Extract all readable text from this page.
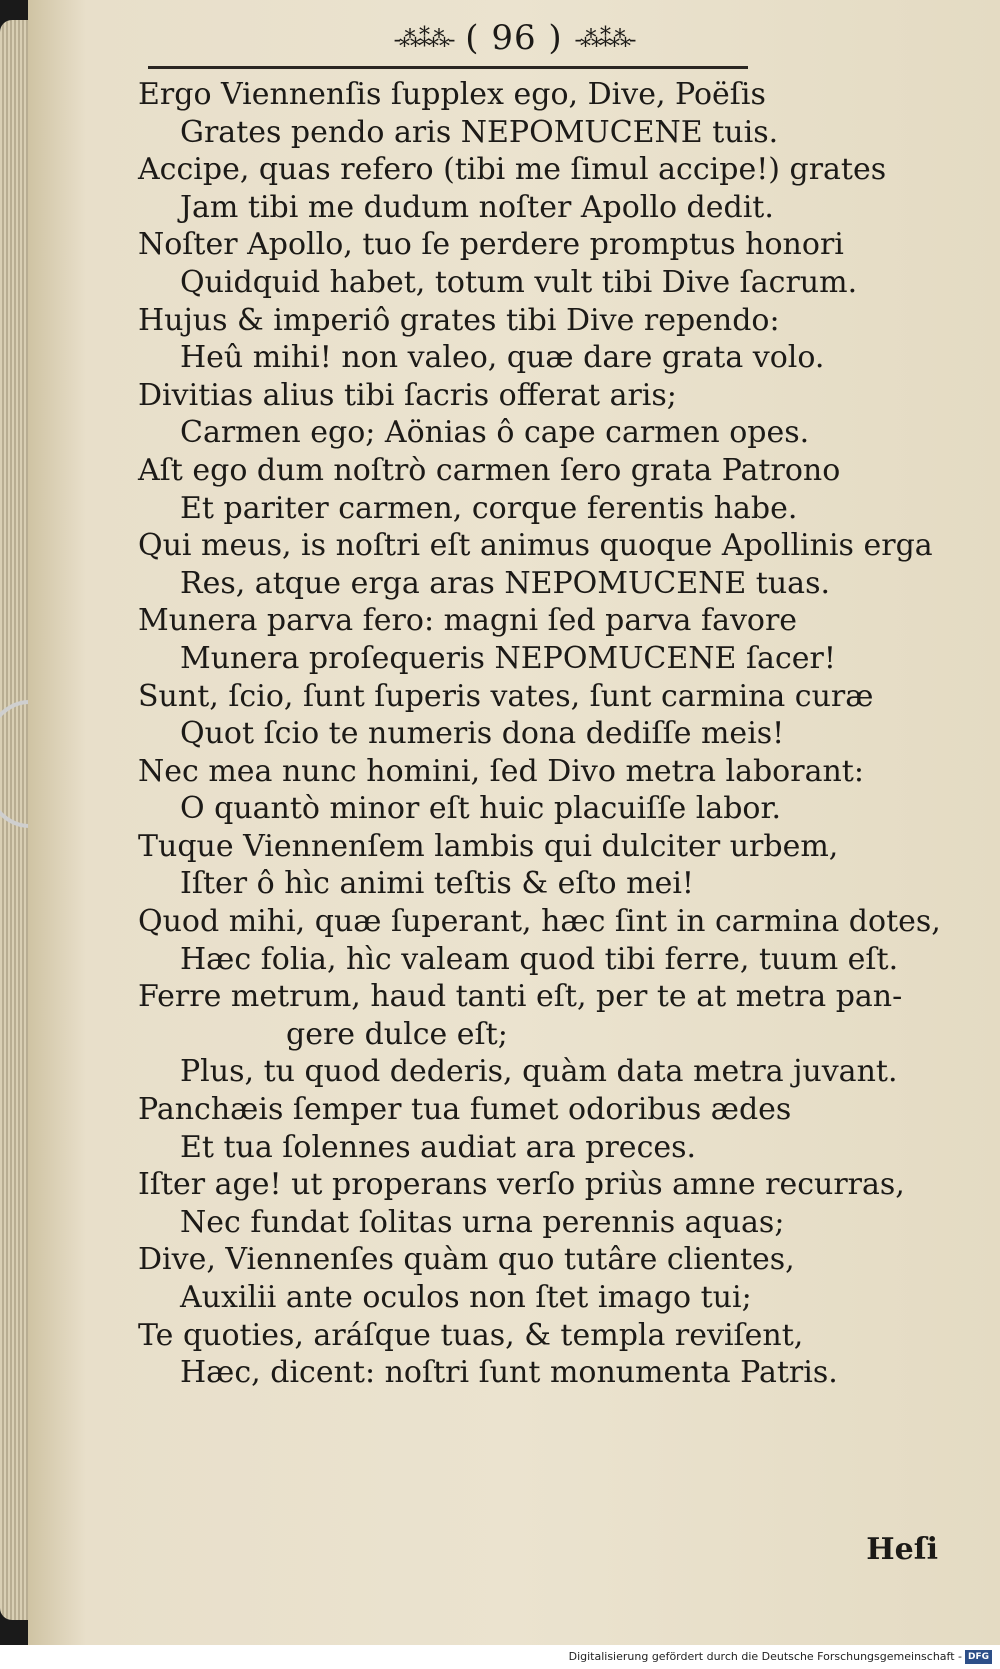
-⁂⁑⁂- ( 96 ) -⁂⁑⁂-
Ergo Viennenſis ſupplex ego, Dive, Poëſis
Grates pendo aris NEPOMUCENE tuis.
Accipe, quas refero (tibi me ſimul accipe!) grates
Jam tibi me dudum noſter Apollo dedit.
Noſter Apollo, tuo ſe perdere promptus honori
Quidquid habet, totum vult tibi Dive ſacrum.
Hujus & imperiô grates tibi Dive rependo:
Heû mihi! non valeo, quæ dare grata volo.
Divitias alius tibi ſacris offerat aris;
Carmen ego; Aönias ô cape carmen opes.
Aſt ego dum noſtrò carmen ſero grata Patrono
Et pariter carmen, corque ferentis habe.
Qui meus, is noſtri eſt animus quoque Apollinis erga
Res, atque erga aras NEPOMUCENE tuas.
Munera parva fero: magni ſed parva favore
Munera proſequeris NEPOMUCENE ſacer!
Sunt, ſcio, ſunt ſuperis vates, ſunt carmina curæ
Quot ſcio te numeris dona dediſſe meis!
Nec mea nunc homini, ſed Divo metra laborant:
O quantò minor eſt huic placuiſſe labor.
Tuque Viennenſem lambis qui dulciter urbem,
Iſter ô hìc animi teſtis & eſto mei!
Quod mihi, quæ ſuperant, hæc ſint in carmina dotes,
Hæc folia, hìc valeam quod tibi ferre, tuum eſt.
Ferre metrum, haud tanti eſt, per te at metra pan-
gere dulce eſt;
Plus, tu quod dederis, quàm data metra juvant.
Panchæis ſemper tua fumet odoribus ædes
Et tua ſolennes audiat ara preces.
Iſter age! ut properans verſo priùs amne recurras,
Nec fundat ſolitas urna perennis aquas;
Dive, Viennenſes quàm quo tutâre clientes,
Auxilii ante oculos non ſtet imago tui;
Te quoties, aráſque tuas, & templa reviſent,
Hæc, dicent: noſtri ſunt monumenta Patris.
Heſi
Digitalisierung gefördert durch die Deutsche Forschungsgemeinschaft - DFG
